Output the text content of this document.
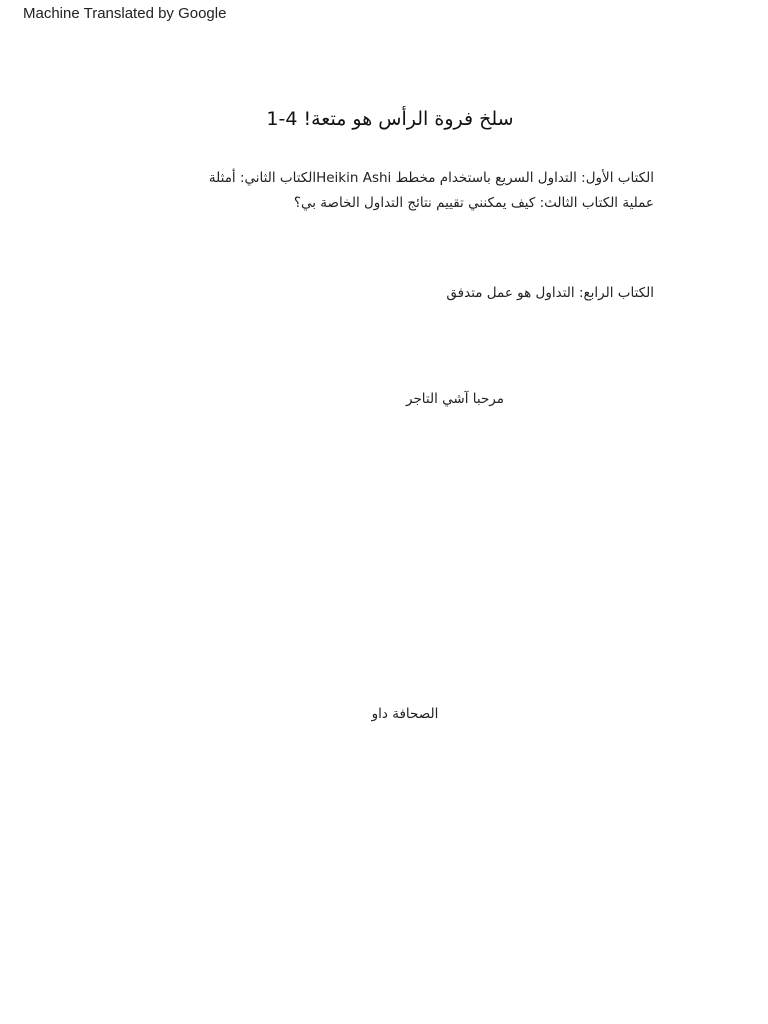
Machine Translated by Google
سلخ فروة الرأس هو متعة! 4-1
الكتاب الأول: التداول السريع باستخدام مخطط Heikin Ashiالكتاب الثاني: أمثلة
عملية الكتاب الثالث: كيف يمكنني تقييم نتائج التداول الخاصة بي؟
الكتاب الرابع: التداول هو عمل متدفق
مرحبا آشي التاجر
الصحافة داو
